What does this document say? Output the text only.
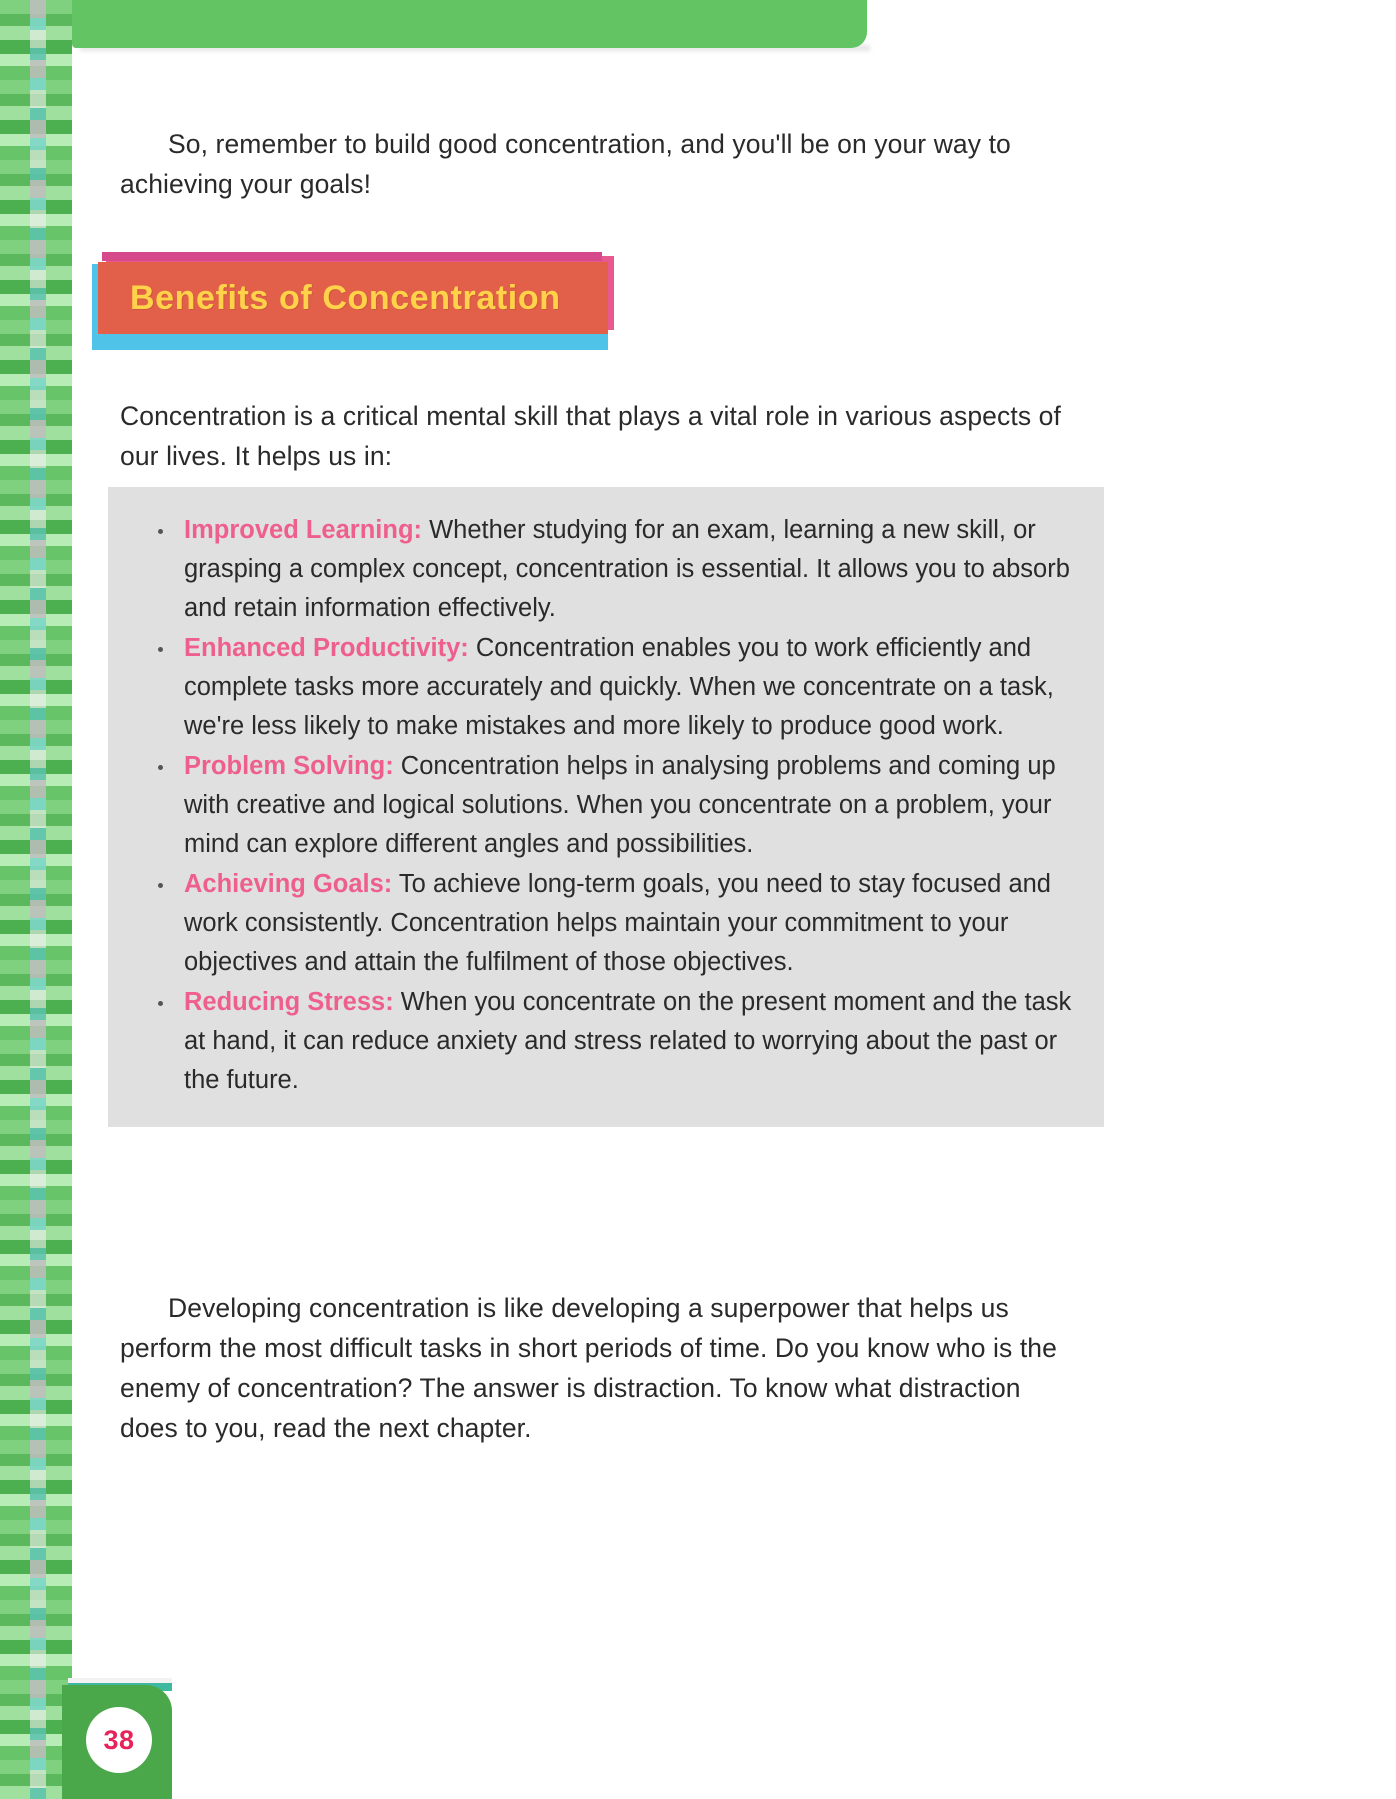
So, remember to build good concentration, and you'll be on your way to achieving your goals!

Benefits of Concentration

Concentration is a critical mental skill that plays a vital role in various aspects of our lives. It helps us in:

Improved Learning: Whether studying for an exam, learning a new skill, or grasping a complex concept, concentration is essential. It allows you to absorb and retain information effectively.
Enhanced Productivity: Concentration enables you to work efficiently and complete tasks more accurately and quickly. When we concentrate on a task, we're less likely to make mistakes and more likely to produce good work.
Problem Solving: Concentration helps in analysing problems and coming up with creative and logical solutions. When you concentrate on a problem, your mind can explore different angles and possibilities.
Achieving Goals: To achieve long-term goals, you need to stay focused and work consistently. Concentration helps maintain your commitment to your objectives and attain the fulfilment of those objectives.
Reducing Stress: When you concentrate on the present moment and the task at hand, it can reduce anxiety and stress related to worrying about the past or the future.

Developing concentration is like developing a superpower that helps us perform the most difficult tasks in short periods of time. Do you know who is the enemy of concentration? The answer is distraction. To know what distraction does to you, read the next chapter.

38
